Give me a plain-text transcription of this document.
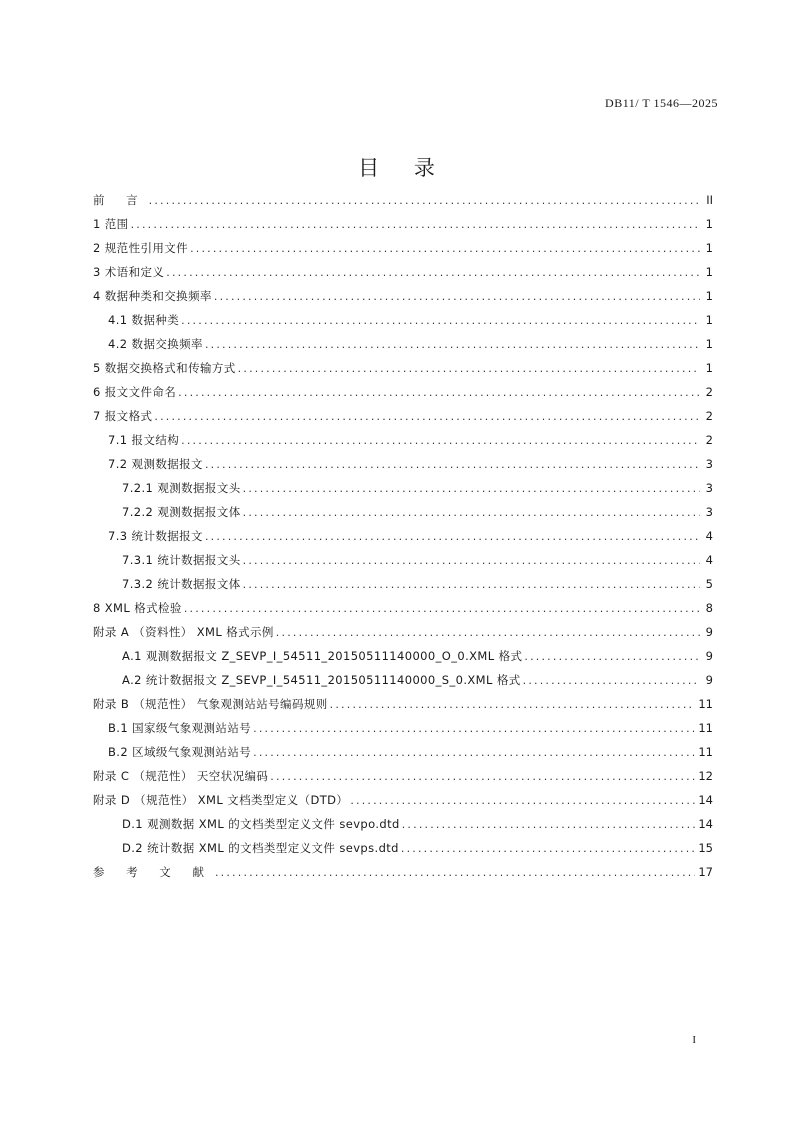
DB11/ T 1546—2025
目 录
前 言 .....	II
1 范围 .....	1
2 规范性引用文件 .....	1
3 术语和定义 .....	1
4 数据种类和交换频率 .....	1
4.1 数据种类 .....	1
4.2 数据交换频率 .....	1
5 数据交换格式和传输方式 .....	1
6 报文文件命名 .....	2
7 报文格式 .....	2
7.1 报文结构 .....	2
7.2 观测数据报文 .....	3
7.2.1 观测数据报文头 .....	3
7.2.2 观测数据报文体 .....	3
7.3 统计数据报文 .....	4
7.3.1 统计数据报文头 .....	4
7.3.2 统计数据报文体 .....	5
8 XML 格式检验 .....	8
附录 A （资料性） XML 格式示例 .....	9
A.1 观测数据报文 Z_SEVP_I_54511_20150511140000_O_0.XML 格式 .....	9
A.2 统计数据报文 Z_SEVP_I_54511_20150511140000_S_0.XML 格式 .....	9
附录 B （规范性） 气象观测站站号编码规则 .....	11
B.1 国家级气象观测站站号 .....	11
B.2 区域级气象观测站站号 .....	11
附录 C （规范性） 天空状况编码 .....	12
附录 D （规范性） XML 文档类型定义（DTD） .....	14
D.1 观测数据 XML 的文档类型定义文件 sevpo.dtd .....	14
D.2 统计数据 XML 的文档类型定义文件 sevps.dtd .....	15
参 考 文 献 .....	17
I
